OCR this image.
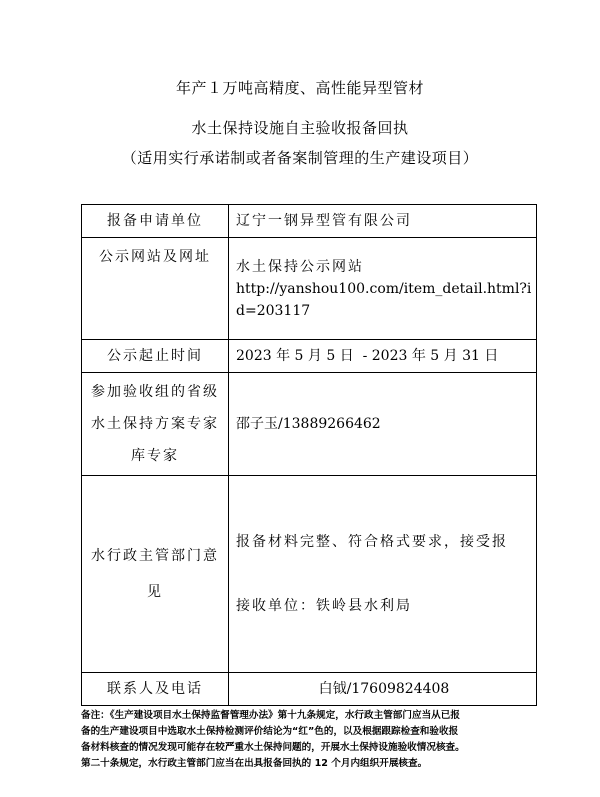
年产１万吨高精度、高性能异型管材
水土保持设施自主验收报备回执
（适用实行承诺制或者备案制管理的生产建设项目）
报备申请单位	辽宁一钢异型管有限公司
公示网站及网址	水土保持公示网站
http://yanshou100.com/item_detail.html?id=203117

公示起止时间	2023 年 5 月 5 日  - 2023 年 5 月 31 日
参加验收组的省级水土保持方案专家库专家	邵子玉/13889266462
水行政主管部门意见	报备材料完整、符合格式要求，接受报
接收单位：铁岭县水利局

联系人及电话	白钺/17609824408
备注：《生产建设项目水土保持监督管理办法》第十九条规定，水行政主管部门应当从已报
备的生产建设项目中选取水土保持检测评价结论为“红”色的，以及根据跟踪检查和验收报
备材料核查的情况发现可能存在较严重水土保持问题的，开展水土保持设施验收情况核查。
第二十条规定，水行政主管部门应当在出具报备回执的 12 个月内组织开展核查。
